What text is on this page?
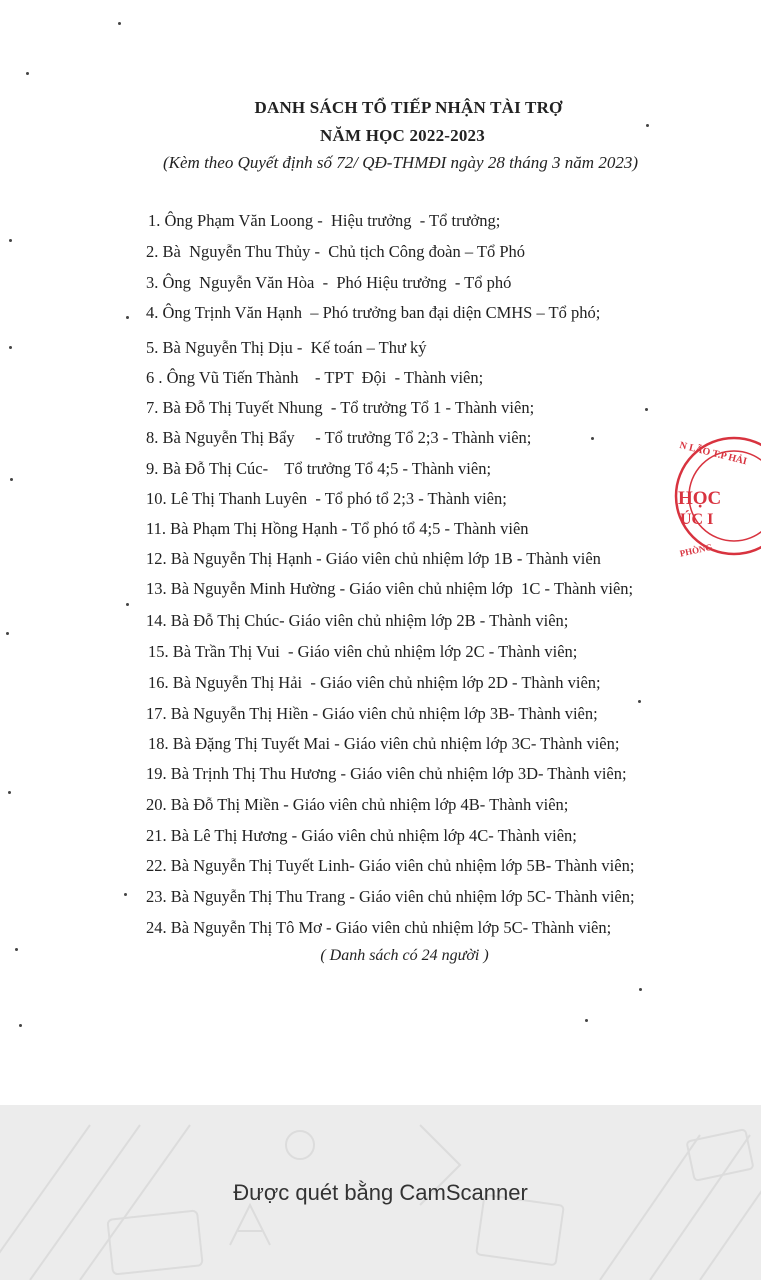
DANH SÁCH TỔ TIẾP NHẬN TÀI TRỢ
NĂM HỌC 2022-2023
(Kèm theo Quyết định số 72/ QĐ-THMĐI ngày 28 tháng 3 năm 2023)
1. Ông Phạm Văn Loong -  Hiệu trưởng  - Tổ trưởng;
2. Bà  Nguyễn Thu Thủy -  Chủ tịch Công đoàn – Tổ Phó
3. Ông  Nguyễn Văn Hòa  -  Phó Hiệu trưởng  - Tổ phó
4. Ông Trịnh Văn Hạnh  – Phó trưởng ban đại diện CMHS – Tổ phó;
5. Bà Nguyễn Thị Dịu -  Kế toán – Thư ký
6 . Ông Vũ Tiến Thành    - TPT  Đội  - Thành viên;
7. Bà Đỗ Thị Tuyết Nhung  - Tổ trưởng Tổ 1 - Thành viên;
8. Bà Nguyễn Thị Bẩy     - Tổ trưởng Tổ 2;3 - Thành viên;
9. Bà Đỗ Thị Cúc-    Tổ trưởng Tổ 4;5 - Thành viên;
10. Lê Thị Thanh Luyên  - Tổ phó tổ 2;3 - Thành viên;
11. Bà Phạm Thị Hồng Hạnh - Tổ phó tổ 4;5 - Thành viên
12. Bà Nguyễn Thị Hạnh - Giáo viên chủ nhiệm lớp 1B - Thành viên
13. Bà Nguyễn Minh Hường - Giáo viên chủ nhiệm lớp  1C - Thành viên;
14. Bà Đỗ Thị Chúc- Giáo viên chủ nhiệm lớp 2B - Thành viên;
15. Bà Trần Thị Vui  - Giáo viên chủ nhiệm lớp 2C - Thành viên;
16. Bà Nguyễn Thị Hải  - Giáo viên chủ nhiệm lớp 2D - Thành viên;
17. Bà Nguyễn Thị Hiền - Giáo viên chủ nhiệm lớp 3B- Thành viên;
18. Bà Đặng Thị Tuyết Mai - Giáo viên chủ nhiệm lớp 3C- Thành viên;
19. Bà Trịnh Thị Thu Hương - Giáo viên chủ nhiệm lớp 3D- Thành viên;
20. Bà Đỗ Thị Miền - Giáo viên chủ nhiệm lớp 4B- Thành viên;
21. Bà Lê Thị Hương - Giáo viên chủ nhiệm lớp 4C- Thành viên;
22. Bà Nguyễn Thị Tuyết Linh- Giáo viên chủ nhiệm lớp 5B- Thành viên;
23. Bà Nguyễn Thị Thu Trang - Giáo viên chủ nhiệm lớp 5C- Thành viên;
24. Bà Nguyễn Thị Tô Mơ - Giáo viên chủ nhiệm lớp 5C- Thành viên;
( Danh sách có 24 người )
N LÃO T.P HẢI
HỌC
ÚC I
PHÒNG
Được quét bằng CamScanner
